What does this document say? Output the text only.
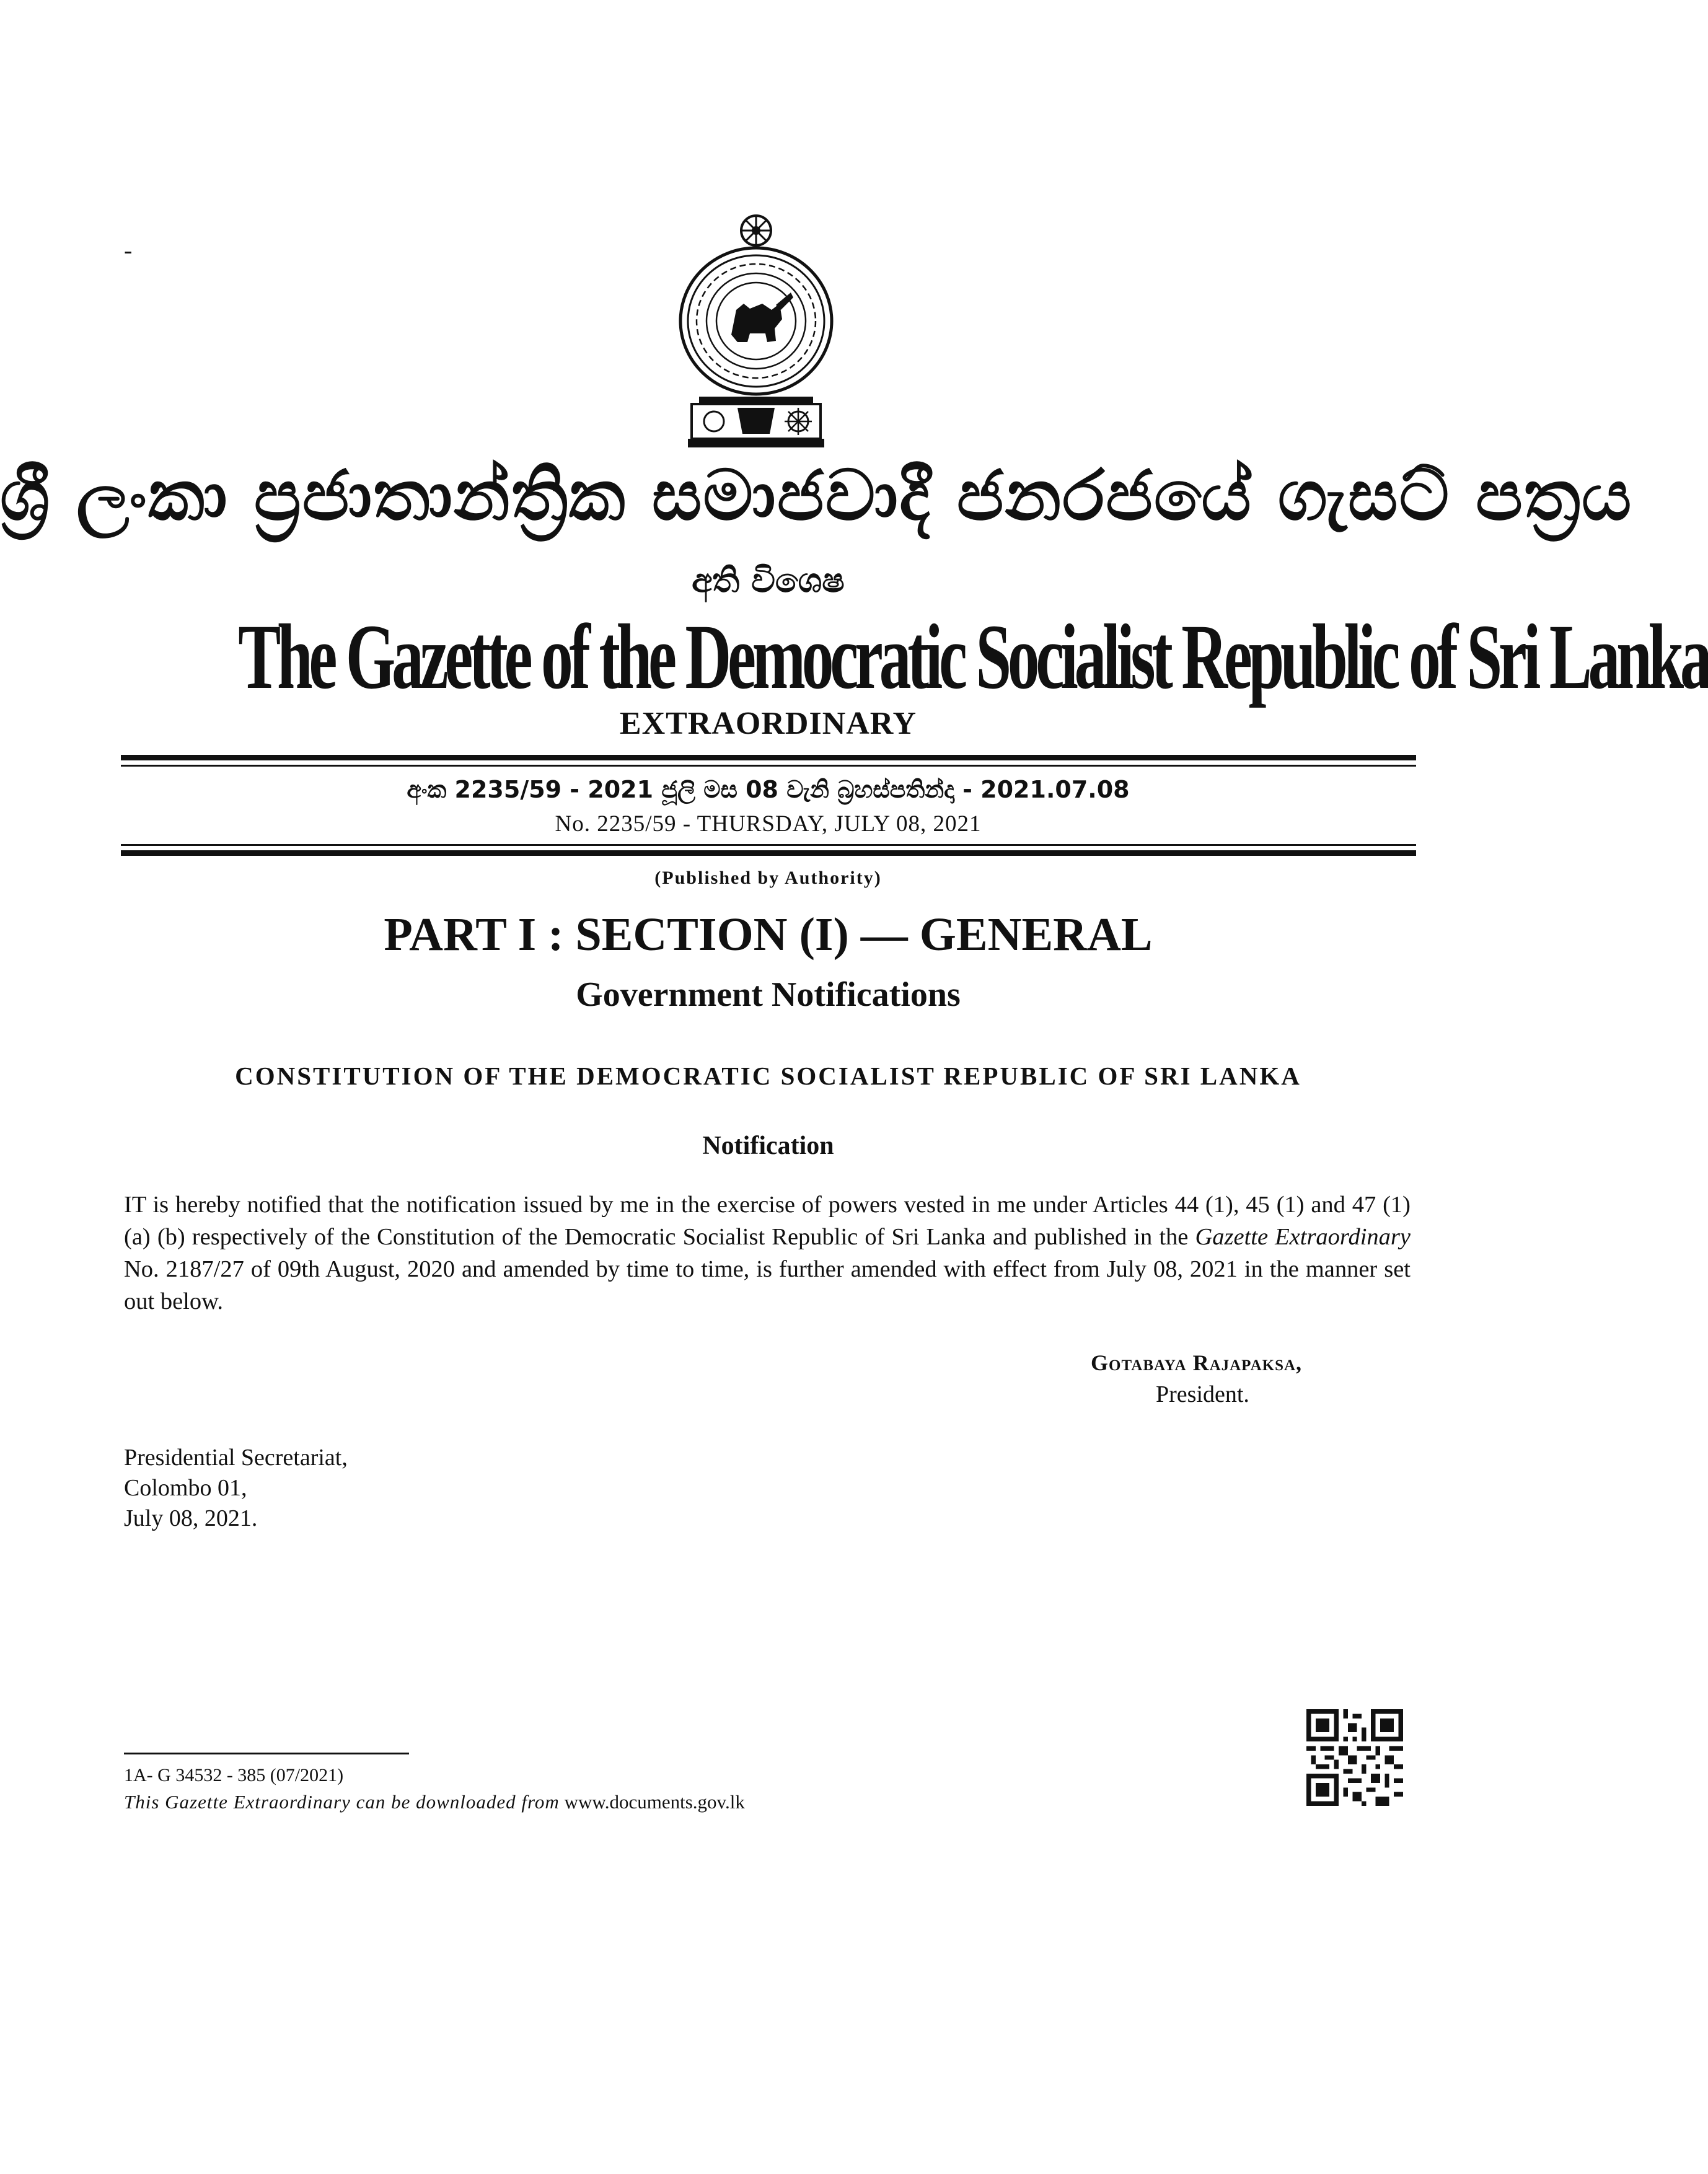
-
ශ්‍රී ලංකා ප්‍රජාතාන්ත්‍රික සමාජවාදී ජනරජයේ ගැසට් පත්‍රය
අති විශෙෂ
The Gazette of the Democratic Socialist Republic of Sri Lanka
EXTRAORDINARY
අංක 2235/59 - 2021 ජූලි මස 08 වැනි බ්‍රහස්පතින්දා - 2021.07.08
No. 2235/59 - THURSDAY, JULY 08, 2021
(Published by Authority)
PART I : SECTION (I) — GENERAL
Government Notifications
CONSTITUTION OF THE DEMOCRATIC SOCIALIST REPUBLIC OF SRI LANKA
Notification
IT is hereby notified that the notification issued by me in the exercise of powers vested in me under Articles 44 (1), 45 (1) and 47 (1) (a) (b) respectively of the Constitution of the Democratic Socialist Republic of Sri Lanka and published in the Gazette Extraordinary No. 2187/27 of 09th August, 2020 and amended by time to time, is further amended with effect from July 08, 2021 in the manner set out below.
Gotabaya Rajapaksa,
President.
Presidential Secretariat,
Colombo 01,
July 08, 2021.
1A- G 34532 - 385 (07/2021)
This Gazette Extraordinary can be downloaded from www.documents.gov.lk
